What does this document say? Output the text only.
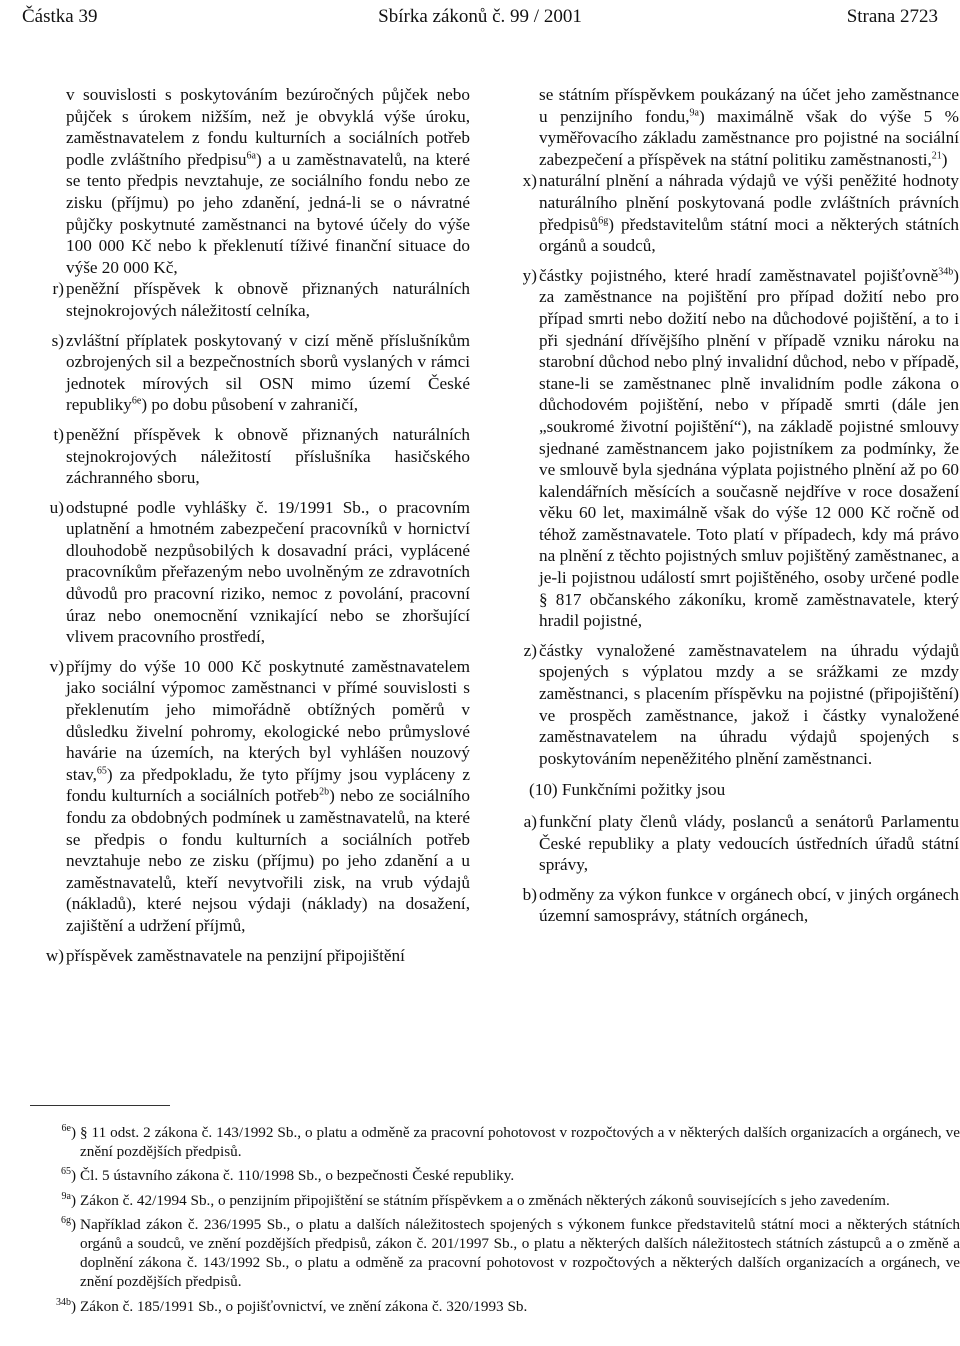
Sbírka zákonů č. 99 / 2001
Částka 39	Strana 2723

v souvislosti s poskytováním bezúročných půjček nebo půjček s úrokem nižším, než je obvyklá výše úroku, zaměstnavatelem z fondu kulturních a sociálních potřeb podle zvláštního předpisu$^{6a}$) a u zaměstnavatelů, na které se tento předpis nevztahuje, ze sociálního fondu nebo ze zisku (příjmu) po jeho zdanění, jedná-li se o návratné půjčky poskytnuté zaměstnanci na bytové účely do výše 100 000 Kč nebo k překlenutí tíživé finanční situace do výše 20 000 Kč,

r) peněžní příspěvek k obnově přiznaných naturálních stejnokrojových náležitostí celníka,
s) zvláštní příplatek poskytovaný v cizí měně příslušníkům ozbrojených sil a bezpečnostních sborů vyslaných v rámci jednotek mírových sil OSN mimo území České republiky$^{6e}$) po dobu působení v zahraničí,
t) peněžní příspěvek k obnově přiznaných naturálních stejnokrojových náležitostí příslušníka hasičského záchranného sboru,
u) odstupné podle vyhlášky č. 19/1991 Sb., o pracovním uplatnění a hmotném zabezpečení pracovníků v hornictví dlouhodobě nezpůsobilých k dosavadní práci, vyplácené pracovníkům přeřazeným nebo uvolněným ze zdravotních důvodů pro pracovní riziko, nemoc z povolání, pracovní úraz nebo onemocnění vznikající nebo se zhoršující vlivem pracovního prostředí,
v) příjmy do výše 10 000 Kč poskytnuté zaměstnavatelem jako sociální výpomoc zaměstnanci v přímé souvislosti s překlenutím jeho mimořádně obtížných poměrů v důsledku živelní pohromy, ekologické nebo průmyslové havárie na územích, na kterých byl vyhlášen nouzový stav,$^{65}$) za předpokladu, že tyto příjmy jsou vypláceny z fondu kulturních a sociálních potřeb$^{2b}$) nebo ze sociálního fondu za obdobných podmínek u zaměstnavatelů, na které se předpis o fondu kulturních a sociálních potřeb nevztahuje nebo ze zisku (příjmu) po jeho zdanění a u zaměstnavatelů, kteří nevytvořili zisk, na vrub výdajů (nákladů), které nejsou výdaji (náklady) na dosažení, zajištění a udržení příjmů,
w) příspěvek zaměstnavatele na penzijní připojištění

se státním příspěvkem poukázaný na účet jeho zaměstnance u penzijního fondu,$^{9a}$) maximálně však do výše 5 % vyměřovacího základu zaměstnance pro pojistné na sociální zabezpečení a příspěvek na státní politiku zaměstnanosti,$^{21}$)

x) naturální plnění a náhrada výdajů ve výši peněžité hodnoty naturálního plnění poskytovaná podle zvláštních právních předpisů$^{6g}$) představitelům státní moci a některých státních orgánů a soudců,
y) částky pojistného, které hradí zaměstnavatel pojišťovně$^{34b}$) za zaměstnance na pojištění pro případ dožití nebo pro případ smrti nebo dožití nebo na důchodové pojištění, a to i při sjednání dřívějšího plnění v případě vzniku nároku na starobní důchod nebo plný invalidní důchod, nebo v případě, stane-li se zaměstnanec plně invalidním podle zákona o důchodovém pojištění, nebo v případě smrti (dále jen „soukromé životní pojištění“), na základě pojistné smlouvy sjednané zaměstnancem jako pojistníkem za podmínky, že ve smlouvě byla sjednána výplata pojistného plnění až po 60 kalendářních měsících a současně nejdříve v roce dosažení věku 60 let, maximálně však do výše 12 000 Kč ročně od téhož zaměstnavatele. Toto platí v případech, kdy má právo na plnění z těchto pojistných smluv pojištěný zaměstnanec, a je-li pojistnou událostí smrt pojištěného, osoby určené podle § 817 občanského zákoníku, kromě zaměstnavatele, který hradil pojistné,
z) částky vynaložené zaměstnavatelem na úhradu výdajů spojených s výplatou mzdy a se srážkami ze mzdy zaměstnanci, s placením příspěvku na pojistné (připojištění) ve prospěch zaměstnance, jakož i částky vynaložené zaměstnavatelem na úhradu výdajů spojených s poskytováním nepeněžitého plnění zaměstnanci.

(10) Funkčními požitky jsou

a) funkční platy členů vlády, poslanců a senátorů Parlamentu České republiky a platy vedoucích ústředních úřadů státní správy,
b) odměny za výkon funkce v orgánech obcí, v jiných orgánech územní samosprávy, státních orgánech,
$^{6e}$) § 11 odst. 2 zákona č. 143/1992 Sb., o platu a odměně za pracovní pohotovost v rozpočtových a v některých dalších organizacích a orgánech, ve znění pozdějších předpisů.
$^{65}$) Čl. 5 ústavního zákona č. 110/1998 Sb., o bezpečnosti České republiky.
$^{9a}$) Zákon č. 42/1994 Sb., o penzijním připojištění se státním příspěvkem a o změnách některých zákonů souvisejících s jeho zavedením.
$^{6g}$) Například zákon č. 236/1995 Sb., o platu a dalších náležitostech spojených s výkonem funkce představitelů státní moci a některých státních orgánů a soudců, ve znění pozdějších předpisů, zákon č. 201/1997 Sb., o platu a některých dalších náležitostech státních zástupců a o změně a doplnění zákona č. 143/1992 Sb., o platu a odměně za pracovní pohotovost v rozpočtových a některých dalších organizacích a orgánech, ve znění pozdějších předpisů.
$^{34b}$) Zákon č. 185/1991 Sb., o pojišťovnictví, ve znění zákona č. 320/1993 Sb.
